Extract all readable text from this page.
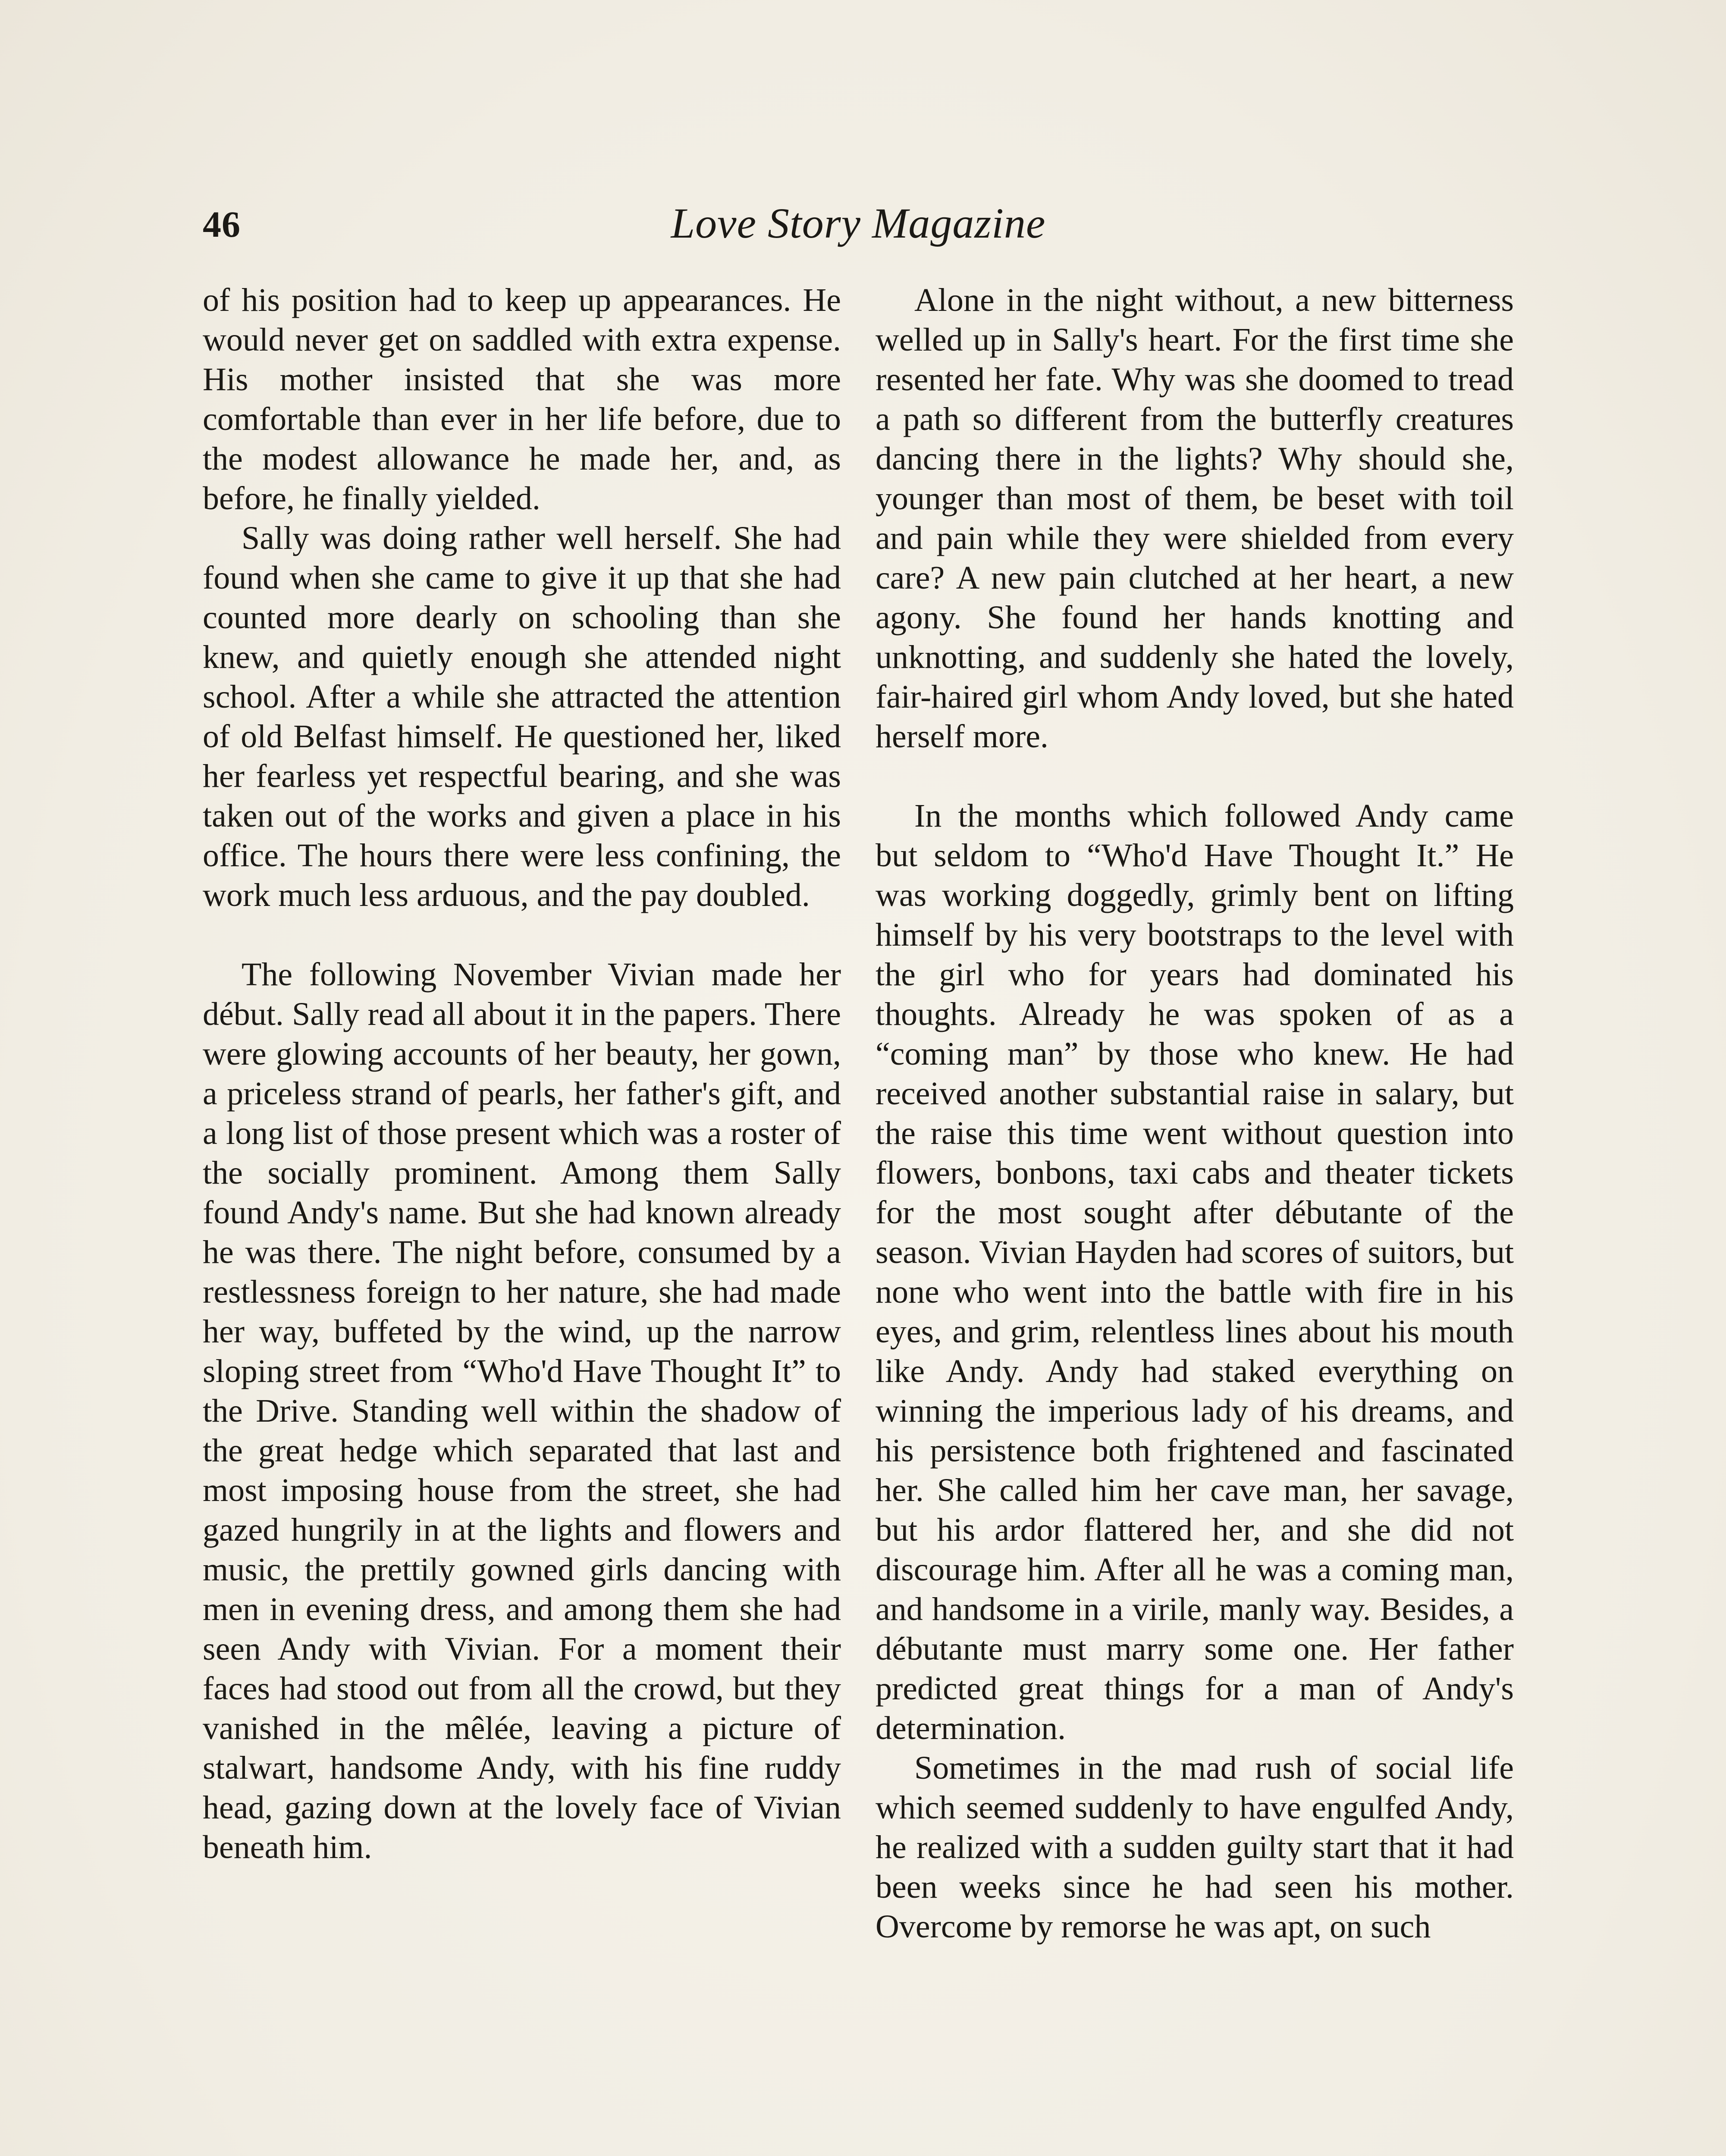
46	Love Story Magazine

of his position had to keep up appearances. He would never get on saddled with extra expense. His mother insisted that she was more comfortable than ever in her life before, due to the modest allowance he made her, and, as before, he finally yielded.

Sally was doing rather well herself. She had found when she came to give it up that she had counted more dearly on schooling than she knew, and quietly enough she attended night school. After a while she attracted the attention of old Belfast himself. He questioned her, liked her fearless yet respectful bearing, and she was taken out of the works and given a place in his office. The hours there were less confining, the work much less arduous, and the pay doubled.

The following November Vivian made her début. Sally read all about it in the papers. There were glowing accounts of her beauty, her gown, a priceless strand of pearls, her father's gift, and a long list of those present which was a roster of the socially prominent. Among them Sally found Andy's name. But she had known already he was there. The night before, consumed by a restlessness foreign to her nature, she had made her way, buffeted by the wind, up the narrow sloping street from “Who'd Have Thought It” to the Drive. Standing well within the shadow of the great hedge which separated that last and most imposing house from the street, she had gazed hungrily in at the lights and flowers and music, the prettily gowned girls dancing with men in evening dress, and among them she had seen Andy with Vivian. For a moment their faces had stood out from all the crowd, but they vanished in the mêlée, leaving a picture of stalwart, handsome Andy, with his fine ruddy head, gazing down at the lovely face of Vivian beneath him.

Alone in the night without, a new bitterness welled up in Sally's heart. For the first time she resented her fate. Why was she doomed to tread a path so different from the butterfly creatures dancing there in the lights? Why should she, younger than most of them, be beset with toil and pain while they were shielded from every care? A new pain clutched at her heart, a new agony. She found her hands knotting and unknotting, and suddenly she hated the lovely, fair-haired girl whom Andy loved, but she hated herself more.

In the months which followed Andy came but seldom to “Who'd Have Thought It.” He was working doggedly, grimly bent on lifting himself by his very bootstraps to the level with the girl who for years had dominated his thoughts. Already he was spoken of as a “coming man” by those who knew. He had received another substantial raise in salary, but the raise this time went without question into flowers, bonbons, taxi cabs and theater tickets for the most sought after débutante of the season. Vivian Hayden had scores of suitors, but none who went into the battle with fire in his eyes, and grim, relentless lines about his mouth like Andy. Andy had staked everything on winning the imperious lady of his dreams, and his persistence both frightened and fascinated her. She called him her cave man, her savage, but his ardor flattered her, and she did not discourage him. After all he was a coming man, and handsome in a virile, manly way. Besides, a débutante must marry some one. Her father predicted great things for a man of Andy's determination.

Sometimes in the mad rush of social life which seemed suddenly to have engulfed Andy, he realized with a sudden guilty start that it had been weeks since he had seen his mother. Overcome by remorse he was apt, on such
